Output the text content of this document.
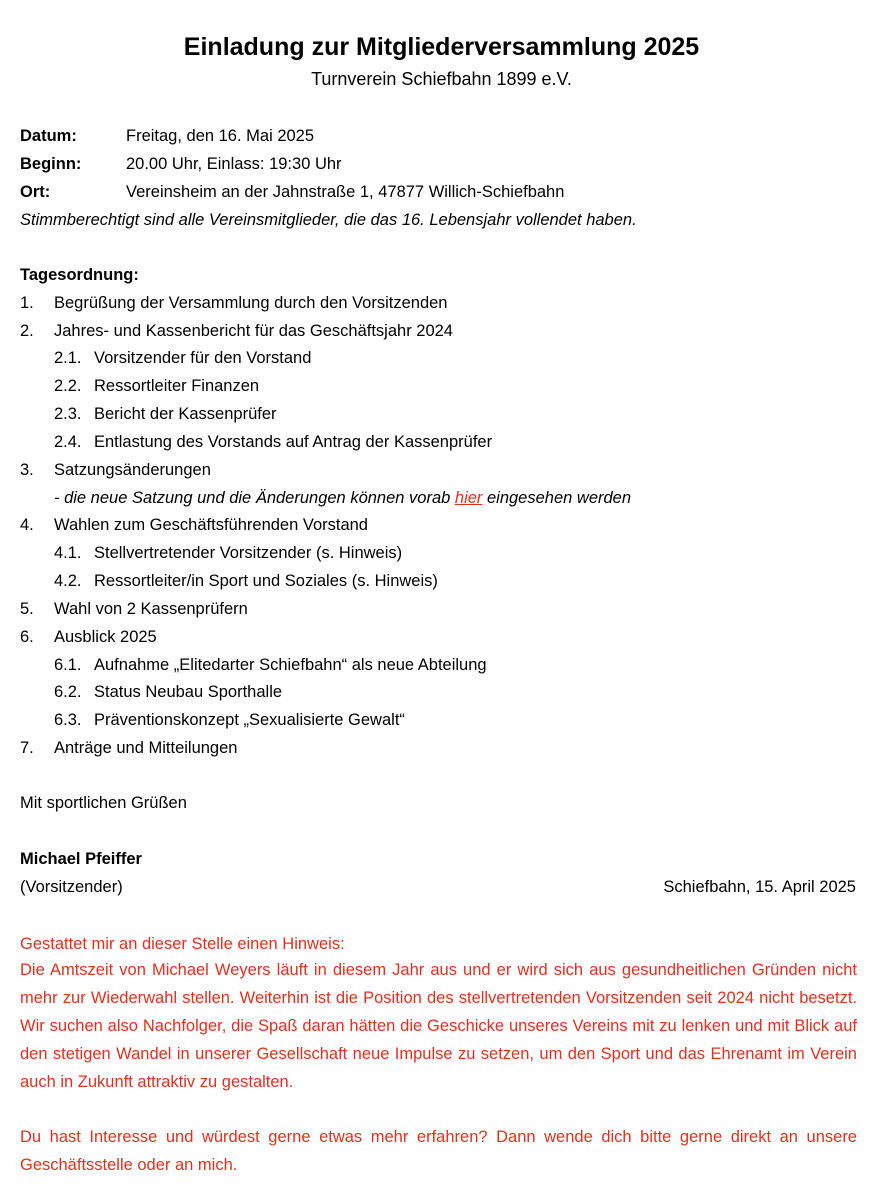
Einladung zur Mitgliederversammlung 2025
Turnverein Schiefbahn 1899 e.V.
Datum:	Freitag, den 16. Mai 2025
Beginn:	20.00 Uhr, Einlass: 19:30 Uhr
Ort:	Vereinsheim an der Jahnstraße 1, 47877 Willich-Schiefbahn
Stimmberechtigt sind alle Vereinsmitglieder, die das 16. Lebensjahr vollendet haben.
Tagesordnung:
1. Begrüßung der Versammlung durch den Vorsitzenden
2. Jahres- und Kassenbericht für das Geschäftsjahr 2024
2.1. Vorsitzender für den Vorstand
2.2. Ressortleiter Finanzen
2.3. Bericht der Kassenprüfer
2.4. Entlastung des Vorstands auf Antrag der Kassenprüfer
3. Satzungsänderungen
- die neue Satzung und die Änderungen können vorab hier eingesehen werden
4. Wahlen zum Geschäftsführenden Vorstand
4.1. Stellvertretender Vorsitzender (s. Hinweis)
4.2. Ressortleiter/in Sport und Soziales (s. Hinweis)
5. Wahl von 2 Kassenprüfern
6. Ausblick 2025
6.1. Aufnahme „Elitedarter Schiefbahn“ als neue Abteilung
6.2. Status Neubau Sporthalle
6.3. Präventionskonzept „Sexualisierte Gewalt“
7. Anträge und Mitteilungen
Mit sportlichen Grüßen
Michael Pfeiffer
(Vorsitzender)	Schiefbahn, 15. April 2025
Gestattet mir an dieser Stelle einen Hinweis:
Die Amtszeit von Michael Weyers läuft in diesem Jahr aus und er wird sich aus gesundheitlichen Gründen nicht mehr zur Wiederwahl stellen. Weiterhin ist die Position des stellvertretenden Vorsitzenden seit 2024 nicht besetzt. Wir suchen also Nachfolger, die Spaß daran hätten die Geschicke unseres Vereins mit zu lenken und mit Blick auf den stetigen Wandel in unserer Gesellschaft neue Impulse zu setzen, um den Sport und das Ehrenamt im Verein auch in Zukunft attraktiv zu gestalten.
Du hast Interesse und würdest gerne etwas mehr erfahren? Dann wende dich bitte gerne direkt an unsere Geschäftsstelle oder an mich.
